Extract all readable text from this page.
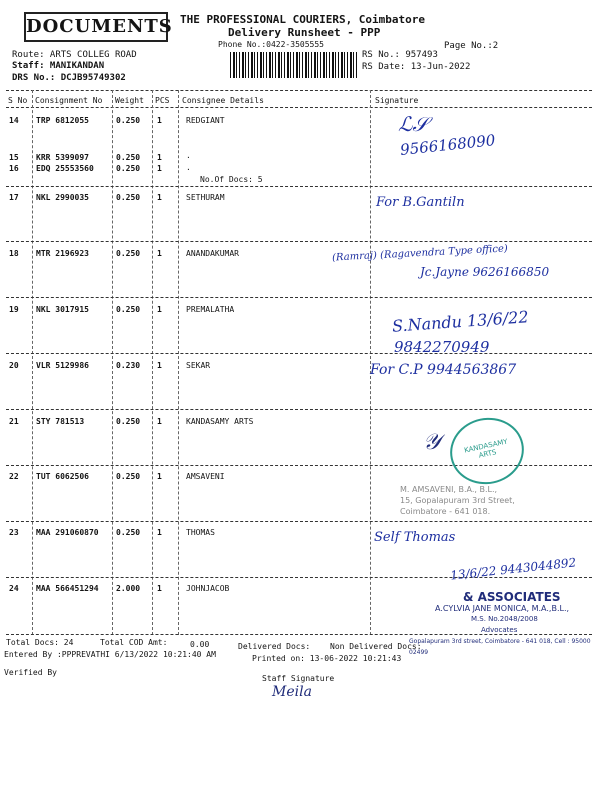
DOCUMENTS THE PROFESSIONAL COURIERS, Coimbatore
Delivery Runsheet - PPP
Phone No.:0422-3505555	Page No.:2
Route: ARTS COLLEG ROAD
Staff: MANIKANDAN
DRS No.: DCJB95749302
RS No.: 957493
RS Date: 13-Jun-2022
S No Consignment No Weight PCS Consignee Details	Signature
14 TRP 6812055	0.250 1	REDGIANT
15 KRR 5399097	0.250 1	.
16 EDQ 25553560	0.250 1	.
No.Of Docs: 5
17 NKL 2990035	0.250 1	SETHURAM
18 MTR 2196923	0.250 1	ANANDAKUMAR
19 NKL 3017915	0.250 1	PREMALATHA
20 VLR 5129986	0.230 1	SEKAR
21 STY 781513	0.250 1	KANDASAMY ARTS
22 TUT 6062506	0.250 1	AMSAVENI
23 MAA 291060870 0.250 1	THOMAS
24 MAA 566451294 2.000 1	JOHNJACOB
ℒ𝒮
9566168090
For B.Gantiln
(Ramraj) (Ragavendra Type office)
Jc.Jayne 9626166850
S.Nandu 13/6/22
9842270949
For C.P 9944563867
KANDASAMY ARTS
𝒴
M. AMSAVENI, B.A., B.L.,
15, Gopalapuram 3rd Street,
Coimbatore - 641 018.
Self Thomas
13/6/22 9443044892
& ASSOCIATES
A.CYLVIA JANE MONICA, M.A.,B.L.,
M.S. No.2048/2008
Advocates
Gopalapuram 3rd street, Coimbatore - 641 018, Cell : 95000 02499
Total Docs: 24	Total COD Amt:	0.00	Delivered Docs: Non Delivered Docs:
Entered By :PPPREVATHI 6/13/2022 10:21:40 AM	Printed on: 13-06-2022 10:21:43
Verified By
Staff Signature
Meila
